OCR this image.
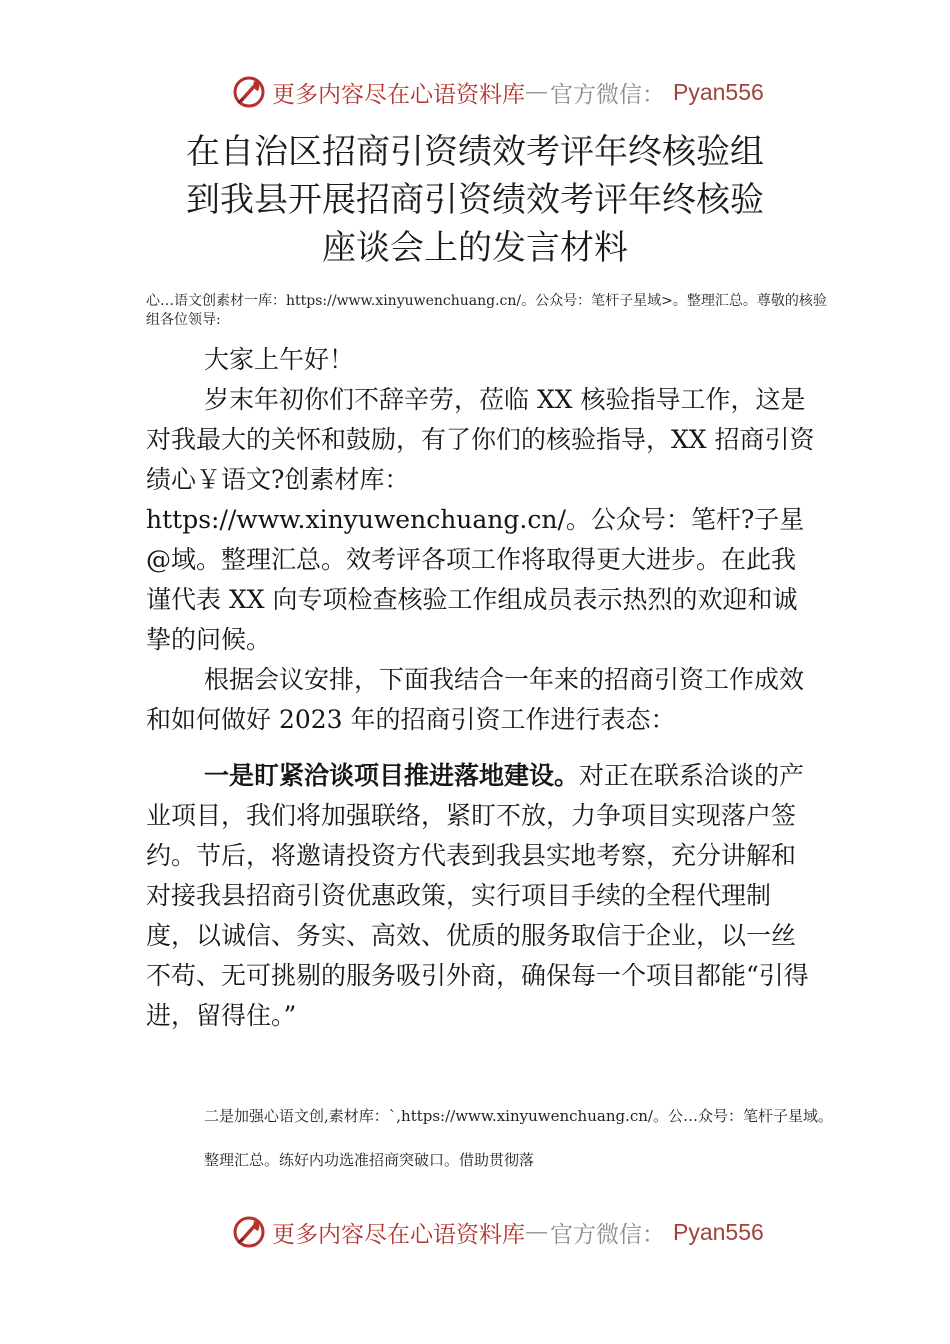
更多内容尽在心语资料库 — 官方微信： Pyan556
在自治区招商引资绩效考评年终核验组
到我县开展招商引资绩效考评年终核验
座谈会上的发言材料
心…语文创素材一库：https://www.xinyuwenchuang.cn/。公众号：笔杆子星域>。整理汇总。尊敬的核验组各位领导:

大家上午好！

岁末年初你们不辞辛劳，莅临 XX 核验指导工作，这是对我最大的关怀和鼓励，有了你们的核验指导，XX 招商引资绩心￥语文?创素材库：https://www.xinyuwenchuang.cn/。公众号：笔杆?子星@域。整理汇总。效考评各项工作将取得更大进步。在此我谨代表 XX 向专项检查核验工作组成员表示热烈的欢迎和诚挚的问候。

根据会议安排，下面我结合一年来的招商引资工作成效和如何做好 2023 年的招商引资工作进行表态：

一是盯紧洽谈项目推进落地建设。对正在联系洽谈的产业项目，我们将加强联络，紧盯不放，力争项目实现落户签约。节后，将邀请投资方代表到我县实地考察，充分讲解和对接我县招商引资优惠政策，实行项目手续的全程代理制度，以诚信、务实、高效、优质的服务取信于企业，以一丝不苟、无可挑剔的服务吸引外商，确保每一个项目都能“引得进，留得住。”

二是加强心语文创,素材库：`,https://www.xinyuwenchuang.cn/。公…众号：笔杆子星域。整理汇总。练好内功选准招商突破口。借助贯彻落
更多内容尽在心语资料库 — 官方微信： Pyan556
